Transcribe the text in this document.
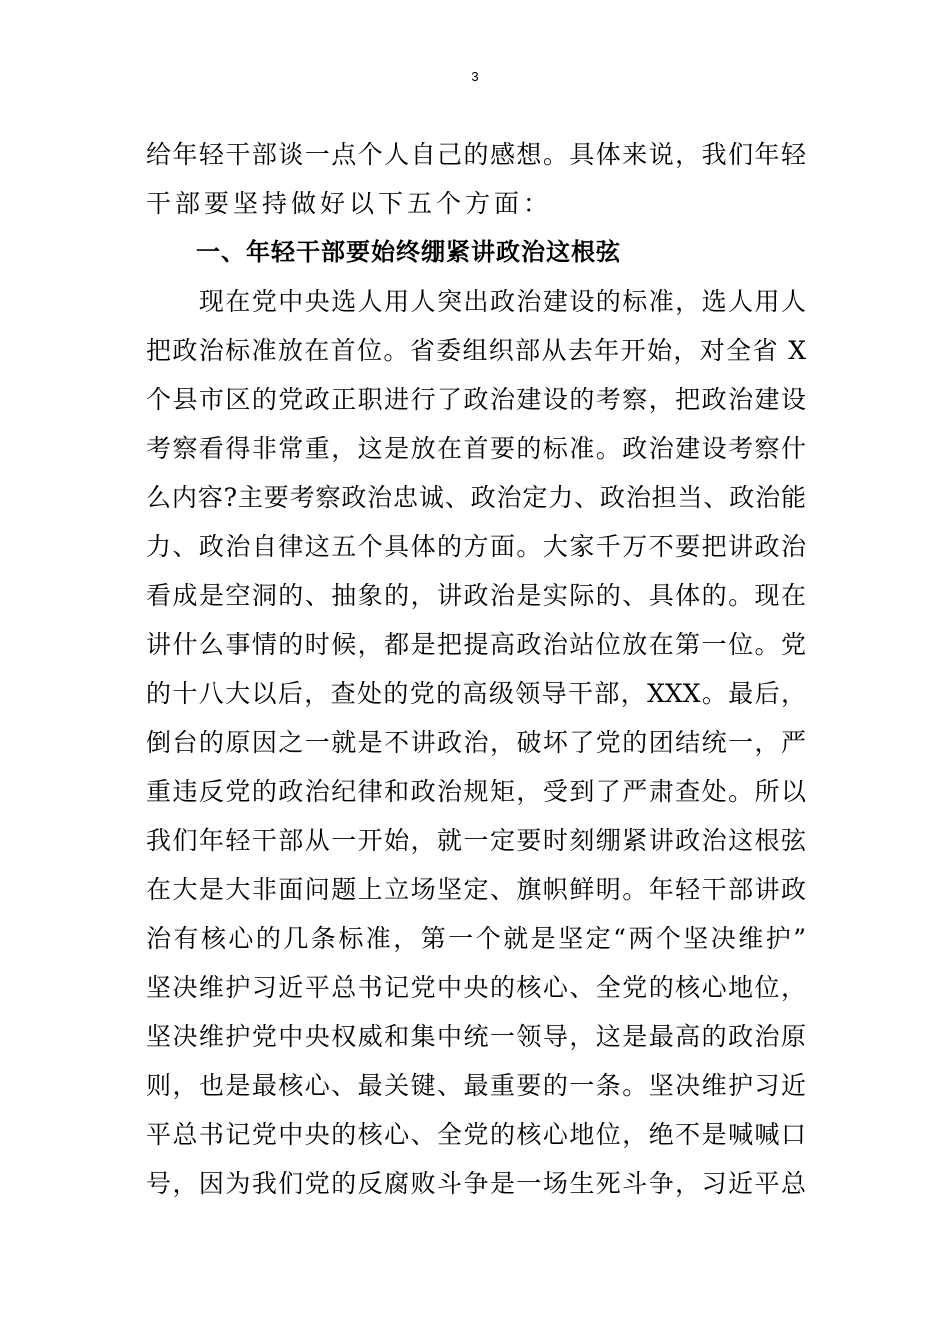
3
给年轻干部谈一点个人自己的感想。具体来说，我们年轻
干部要坚持做好以下五个方面：
一、年轻干部要始终绷紧讲政治这根弦
　　现在党中央选人用人突出政治建设的标准，选人用人
把政治标准放在首位。省委组织部从去年开始，对全省 X
个县市区的党政正职进行了政治建设的考察，把政治建设
考察看得非常重，这是放在首要的标准。政治建设考察什
么内容?主要考察政治忠诚、政治定力、政治担当、政治能
力、政治自律这五个具体的方面。大家千万不要把讲政治
看成是空洞的、抽象的，讲政治是实际的、具体的。现在
讲什么事情的时候，都是把提高政治站位放在第一位。党
的十八大以后，查处的党的高级领导干部，XXX。最后，
倒台的原因之一就是不讲政治，破坏了党的团结统一，严
重违反党的政治纪律和政治规矩，受到了严肃查处。所以
我们年轻干部从一开始，就一定要时刻绷紧讲政治这根弦
在大是大非面问题上立场坚定、旗帜鲜明。年轻干部讲政
治有核心的几条标准，第一个就是坚定“两个坚决维护”
坚决维护习近平总书记党中央的核心、全党的核心地位，
坚决维护党中央权威和集中统一领导，这是最高的政治原
则，也是最核心、最关键、最重要的一条。坚决维护习近
平总书记党中央的核心、全党的核心地位，绝不是喊喊口
号，因为我们党的反腐败斗争是一场生死斗争，习近平总
